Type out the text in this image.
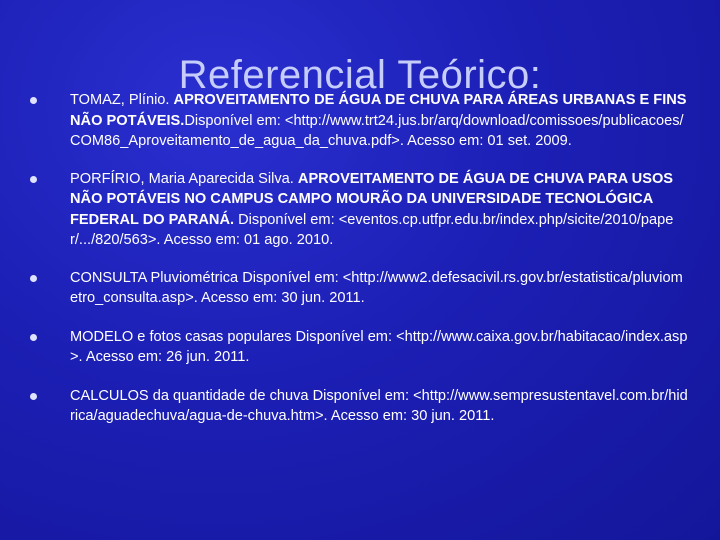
Referencial Teórico:
TOMAZ, Plínio. APROVEITAMENTO DE ÁGUA DE CHUVA PARA ÁREAS URBANAS E FINS NÃO POTÁVEIS.Disponível em: <http://www.trt24.jus.br/arq/download/comissoes/publicacoes/COM86_Aproveitamento_de_agua_da_chuva.pdf>. Acesso em: 01 set. 2009.
PORFÍRIO, Maria Aparecida Silva. APROVEITAMENTO DE ÁGUA DE CHUVA PARA USOS NÃO POTÁVEIS NO CAMPUS CAMPO MOURÃO DA UNIVERSIDADE TECNOLÓGICA FEDERAL DO PARANÁ. Disponível em: <eventos.cp.utfpr.edu.br/index.php/sicite/2010/paper/.../820/563>. Acesso em: 01 ago. 2010.
CONSULTA Pluviométrica Disponível em: <http://www2.defesacivil.rs.gov.br/estatistica/pluviometro_consulta.asp>. Acesso em: 30 jun. 2011.
MODELO e fotos casas populares Disponível em: <http://www.caixa.gov.br/habitacao/index.asp>. Acesso em: 26 jun. 2011.
CALCULOS da quantidade de chuva Disponível em: <http://www.sempresustentavel.com.br/hidrica/aguadechuva/agua-de-chuva.htm>. Acesso em: 30 jun. 2011.
